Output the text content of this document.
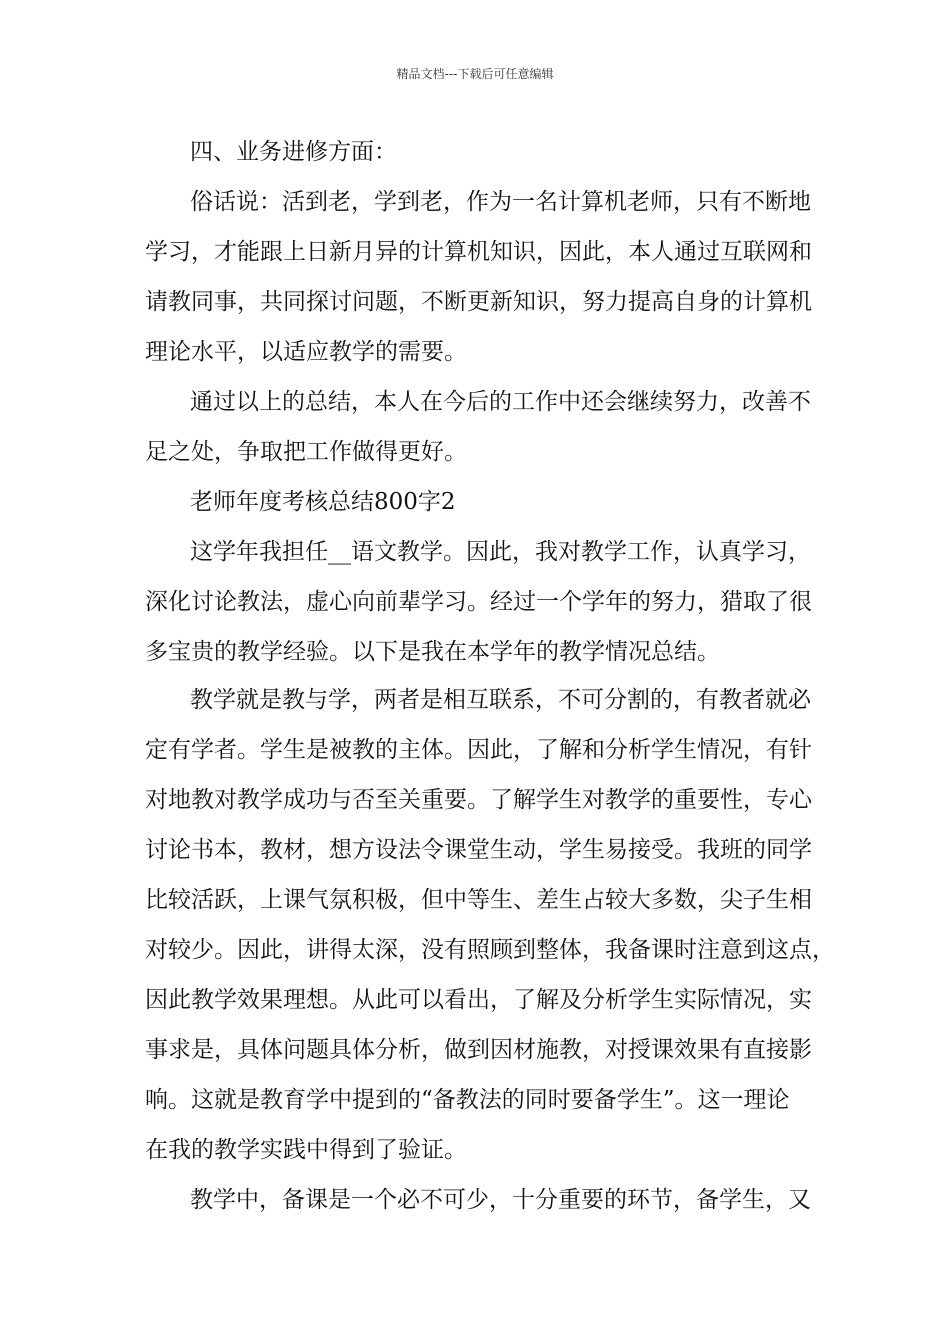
精品文档---下载后可任意编辑
四、业务进修方面：
俗话说：活到老，学到老，作为一名计算机老师，只有不断地
学习，才能跟上日新月异的计算机知识，因此，本人通过互联网和
请教同事，共同探讨问题，不断更新知识，努力提高自身的计算机
理论水平，以适应教学的需要。
通过以上的总结，本人在今后的工作中还会继续努力，改善不
足之处，争取把工作做得更好。
老师年度考核总结800字2
这学年我担任__语文教学。因此，我对教学工作，认真学习，
深化讨论教法，虚心向前辈学习。经过一个学年的努力，猎取了很
多宝贵的教学经验。以下是我在本学年的教学情况总结。
教学就是教与学，两者是相互联系，不可分割的，有教者就必
定有学者。学生是被教的主体。因此，了解和分析学生情况，有针
对地教对教学成功与否至关重要。了解学生对教学的重要性，专心
讨论书本，教材，想方设法令课堂生动，学生易接受。我班的同学
比较活跃，上课气氛积极，但中等生、差生占较大多数，尖子生相
对较少。因此，讲得太深，没有照顾到整体，我备课时注意到这点，
因此教学效果理想。从此可以看出，了解及分析学生实际情况，实
事求是，具体问题具体分析，做到因材施教，对授课效果有直接影
响。这就是教育学中提到的“备教法的同时要备学生”。这一理论
在我的教学实践中得到了验证。
教学中，备课是一个必不可少，十分重要的环节，备学生，又
